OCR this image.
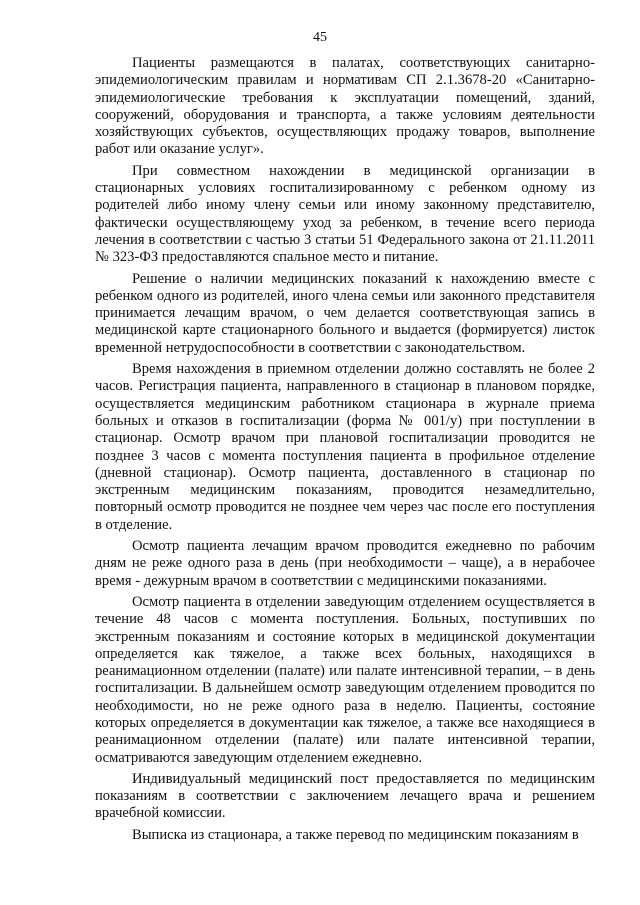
45

Пациенты размещаются в палатах, соответствующих санитарно-эпидемиологическим правилам и нормативам СП 2.1.3678-20 «Санитарно-эпидемиологические требования к эксплуатации помещений, зданий, сооружений, оборудования и транспорта, а также условиям деятельности хозяйствующих субъектов, осуществляющих продажу товаров, выполнение работ или оказание услуг».

При совместном нахождении в медицинской организации в стационарных условиях госпитализированному с ребенком одному из родителей либо иному члену семьи или иному законному представителю, фактически осуществляющему уход за ребенком, в течение всего периода лечения в соответствии с частью 3 статьи 51 Федерального закона от 21.11.2011 № 323-ФЗ предоставляются спальное место и питание.

Решение о наличии медицинских показаний к нахождению вместе с ребенком одного из родителей, иного члена семьи или законного представителя принимается лечащим врачом, о чем делается соответствующая запись в медицинской карте стационарного больного и выдается (формируется) листок временной нетрудоспособности в соответствии с законодательством.

Время нахождения в приемном отделении должно составлять не более 2 часов. Регистрация пациента, направленного в стационар в плановом порядке, осуществляется медицинским работником стационара в журнале приема больных и отказов в госпитализации (форма № 001/у) при поступлении в стационар. Осмотр врачом при плановой госпитализации проводится не позднее 3 часов с момента поступления пациента в профильное отделение (дневной стационар). Осмотр пациента, доставленного в стационар по экстренным медицинским показаниям, проводится незамедлительно, повторный осмотр проводится не позднее чем через час после его поступления в отделение.

Осмотр пациента лечащим врачом проводится ежедневно по рабочим дням не реже одного раза в день (при необходимости – чаще), а в нерабочее время - дежурным врачом в соответствии с медицинскими показаниями.

Осмотр пациента в отделении заведующим отделением осуществляется в течение 48 часов с момента поступления. Больных, поступивших по экстренным показаниям и состояние которых в медицинской документации определяется как тяжелое, а также всех больных, находящихся в реанимационном отделении (палате) или палате интенсивной терапии, – в день госпитализации. В дальнейшем осмотр заведующим отделением проводится по необходимости, но не реже одного раза в неделю. Пациенты, состояние которых определяется в документации как тяжелое, а также все находящиеся в реанимационном отделении (палате) или палате интенсивной терапии, осматриваются заведующим отделением ежедневно.

Индивидуальный медицинский пост предоставляется по медицинским показаниям в соответствии с заключением лечащего врача и решением врачебной комиссии.

Выписка из стационара, а также перевод по медицинским показаниям в
